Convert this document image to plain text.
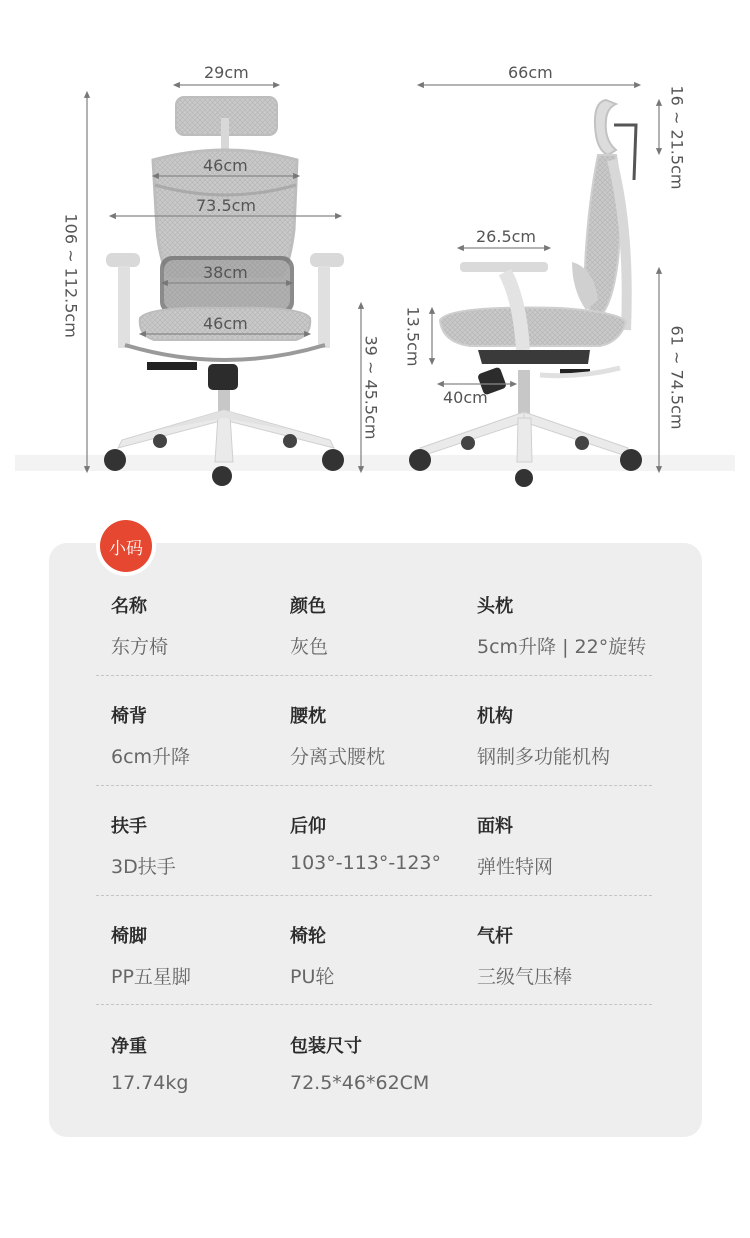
29cm
46cm
73.5cm
38cm
46cm
106 ~ 112.5cm
39 ~ 45.5cm
66cm
16 ~ 21.5cm
26.5cm
13.5cm
40cm	61 ~ 74.5cm
小码
名称
东方椅
颜色
灰色
头枕
5cm升降 | 22°旋转
椅背
6cm升降
腰枕
分离式腰枕
机构
钢制多功能机构
扶手
3D扶手
后仰
103°-113°-123°
面料
弹性特网
椅脚
PP五星脚
椅轮
PU轮
气杆
三级气压棒
净重
17.74kg
包装尺寸
72.5*46*62CM
